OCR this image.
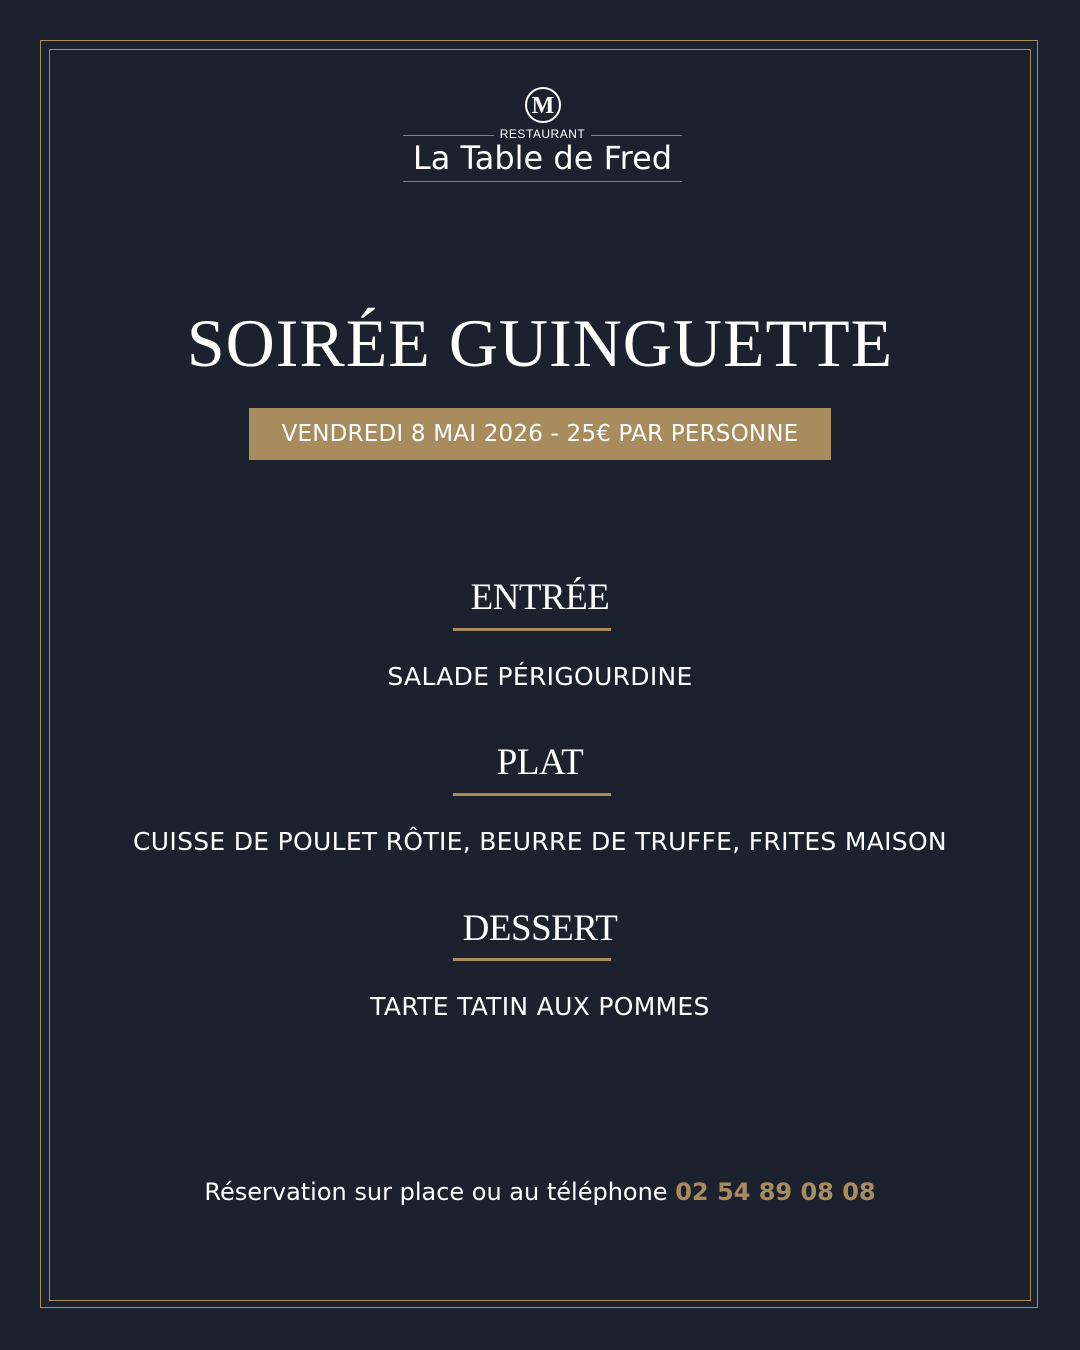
M
RESTAURANT
La Table de Fred
SOIRÉE GUINGUETTE
VENDREDI 8 MAI 2026 - 25€ PAR PERSONNE
ENTRÉE
SALADE PÉRIGOURDINE
PLAT
CUISSE DE POULET RÔTIE, BEURRE DE TRUFFE, FRITES MAISON
DESSERT
TARTE TATIN AUX POMMES
Réservation sur place ou au téléphone 02 54 89 08 08
